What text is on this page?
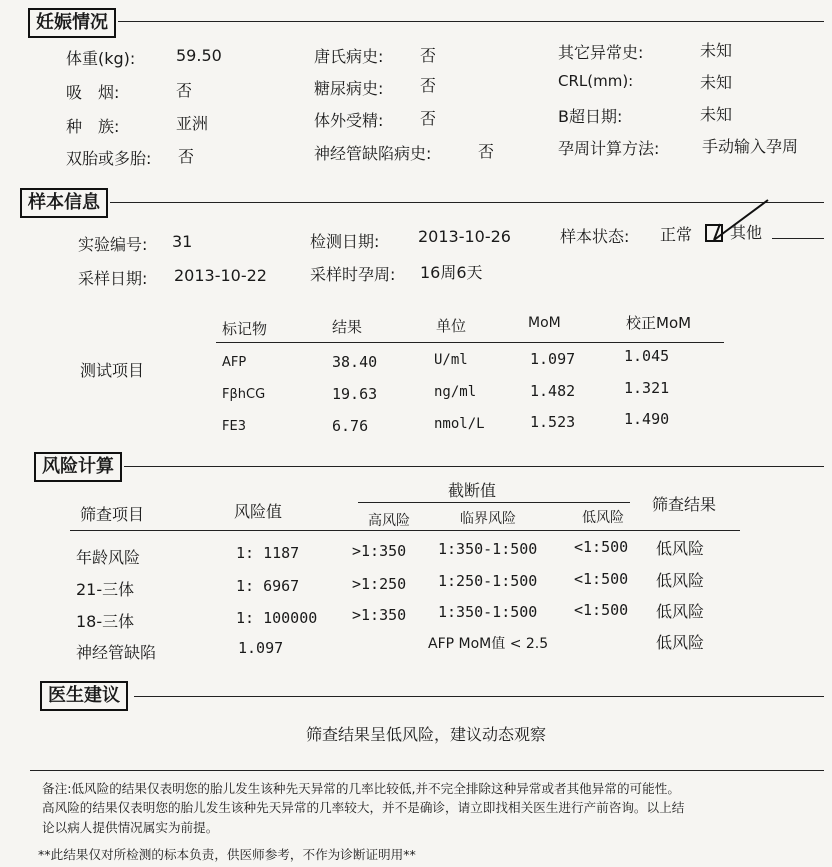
妊娠情况
体重(kg):	59.50
吸　烟:	否
种　族:	亚洲
双胎或多胎: 否
唐氏病史: 否
糖尿病史: 否
体外受精: 否
神经管缺陷病史:	否
其它异常史:	未知
CRL(mm):	未知
B超日期:	未知
孕周计算方法:	手动输入孕周
样本信息
实验编号: 31	检测日期: 2013-10-26	样本状态: 正常 其他
采样日期: 2013-10-22	采样时孕周: 16周6天
测试项目
标记物	结果	单位	MoM	校正MoM
AFP	38.40	U/ml	1.097	1.045
FβhCG	19.63	ng/ml	1.482	1.321
FE3	6.76	nmol/L	1.523	1.490
风险计算
筛查项目	风险值
截断值
高风险	临界风险	低风险
筛查结果
年龄风险	1: 1187	>1:350 1:350-1:500 <1:500 低风险
21-三体	1: 6967	>1:250 1:250-1:500 <1:500 低风险
18-三体	1: 100000 >1:350 1:350-1:500 <1:500 低风险
神经管缺陷	1.097	AFP MoM值 < 2.5	低风险
医生建议
筛查结果呈低风险，建议动态观察
备注:低风险的结果仅表明您的胎儿发生该种先天异常的几率比较低,并不完全排除这种异常或者其他异常的可能性。
高风险的结果仅表明您的胎儿发生该种先天异常的几率较大，并不是确诊，请立即找相关医生进行产前咨询。以上结
论以病人提供情况属实为前提。
**此结果仅对所检测的标本负责，供医师参考，不作为诊断证明用**
